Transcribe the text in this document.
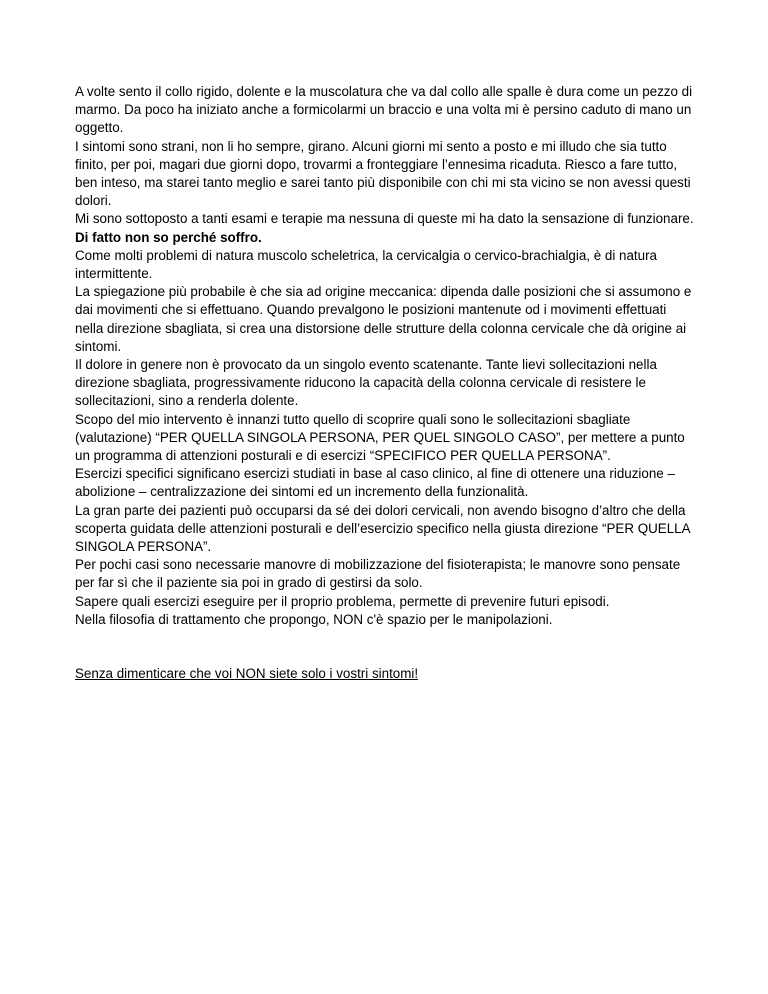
A volte sento il collo rigido, dolente e la muscolatura che va dal collo alle spalle è dura come un pezzo di marmo. Da poco ha iniziato anche a formicolarmi un braccio e una volta mi è persino caduto di mano un oggetto.

I sintomi sono strani, non li ho sempre, girano. Alcuni giorni mi sento a posto e mi illudo che sia tutto finito, per poi, magari due giorni dopo, trovarmi a fronteggiare l’ennesima ricaduta. Riesco a fare tutto, ben inteso, ma starei tanto meglio e sarei tanto più disponibile con chi mi sta vicino se non avessi questi dolori.

Mi sono sottoposto a tanti esami e terapie ma nessuna di queste mi ha dato la sensazione di funzionare.

Di fatto non so perché soffro.

Come molti problemi di natura muscolo scheletrica, la cervicalgia o cervico-brachialgia, è di natura intermittente.

La spiegazione più probabile è che sia ad origine meccanica: dipenda dalle posizioni che si assumono e dai movimenti che si effettuano. Quando prevalgono le posizioni mantenute od i movimenti effettuati nella direzione sbagliata, si crea una distorsione delle strutture della colonna cervicale che dà origine ai sintomi.

Il dolore in genere non è provocato da un singolo evento scatenante. Tante lievi sollecitazioni nella direzione sbagliata, progressivamente riducono la capacità della colonna cervicale di resistere le sollecitazioni, sino a renderla dolente.

Scopo del mio intervento è innanzi tutto quello di scoprire quali sono le sollecitazioni sbagliate (valutazione) “PER QUELLA SINGOLA PERSONA, PER QUEL SINGOLO CASO”, per mettere a punto un programma di attenzioni posturali e di esercizi “SPECIFICO PER QUELLA PERSONA”.

Esercizi specifici significano esercizi studiati in base al caso clinico, al fine di ottenere una riduzione – abolizione – centralizzazione dei sintomi ed un incremento della funzionalità.

La gran parte dei pazienti può occuparsi da sé dei dolori cervicali, non avendo bisogno d’altro che della scoperta guidata delle attenzioni posturali e dell’esercizio specifico nella giusta direzione “PER QUELLA SINGOLA PERSONA”.

Per pochi casi sono necessarie manovre di mobilizzazione del fisioterapista; le manovre sono pensate per far sì che il paziente sia poi in grado di gestirsi da solo.

Sapere quali esercizi eseguire per il proprio problema, permette di prevenire futuri episodi.

Nella filosofia di trattamento che propongo, NON c'è spazio per le manipolazioni.

Senza dimenticare che voi NON siete solo i vostri sintomi!
